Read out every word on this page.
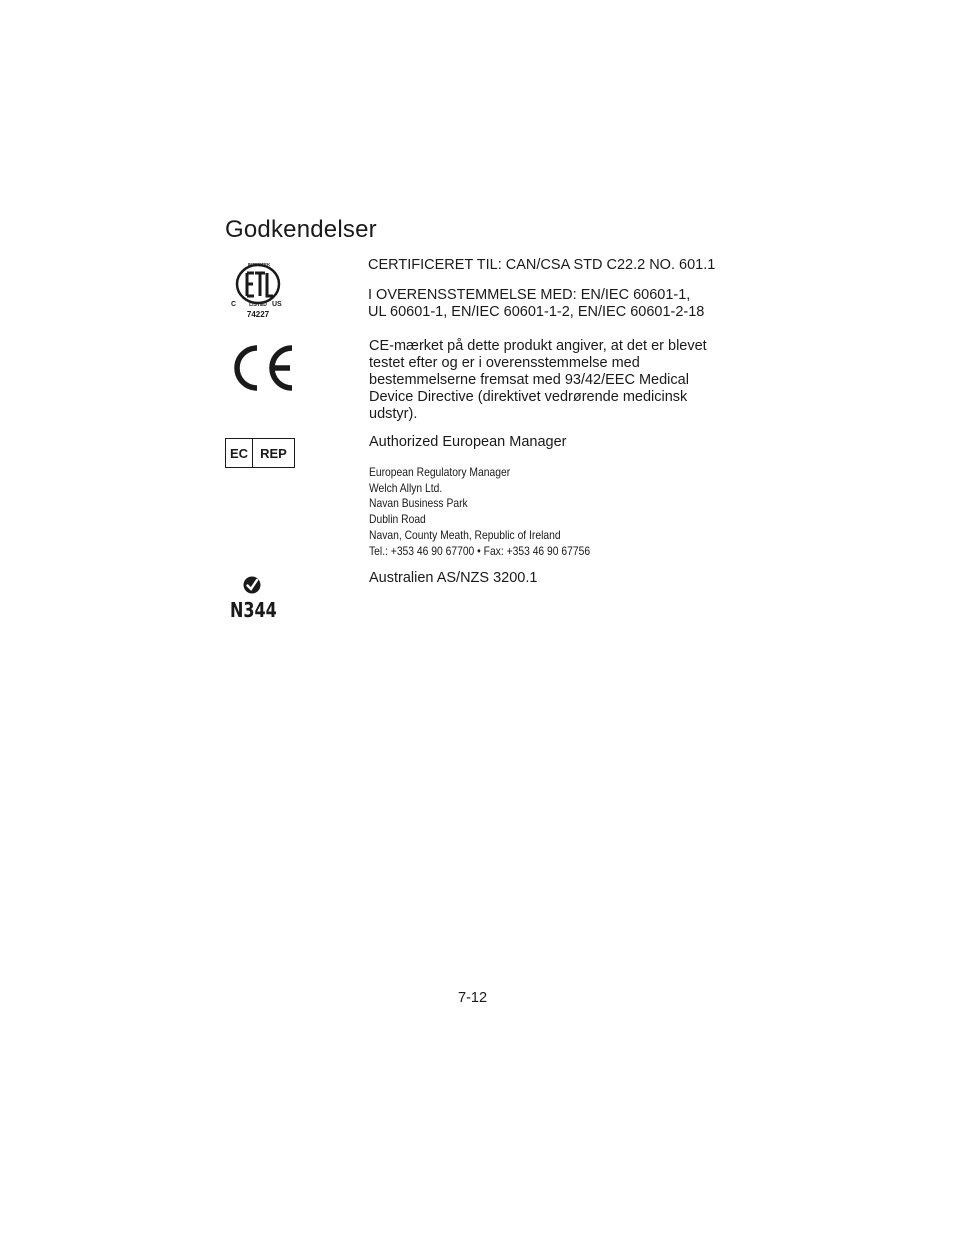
Godkendelser
INTERTEK
C	LISTED US
74227

CERTIFICERET TIL: CAN/CSA STD C22.2 NO. 601.1

I OVERENSSTEMMELSE MED: EN/IEC 60601-1,
UL 60601-1, EN/IEC 60601-1-2, EN/IEC 60601-2-18

CE-mærket på dette produkt angiver, at det er blevet testet efter og er i overensstemmelse med bestemmelserne fremsat med 93/42/EEC Medical Device Directive (direktivet vedrørende medicinsk udstyr).

EC REP

Authorized European Manager

European Regulatory Manager
Welch Allyn Ltd.
Navan Business Park
Dublin Road
Navan, County Meath, Republic of Ireland
Tel.: +353 46 90 67700 • Fax: +353 46 90 67756
N344

Australien AS/NZS 3200.1

7-12
